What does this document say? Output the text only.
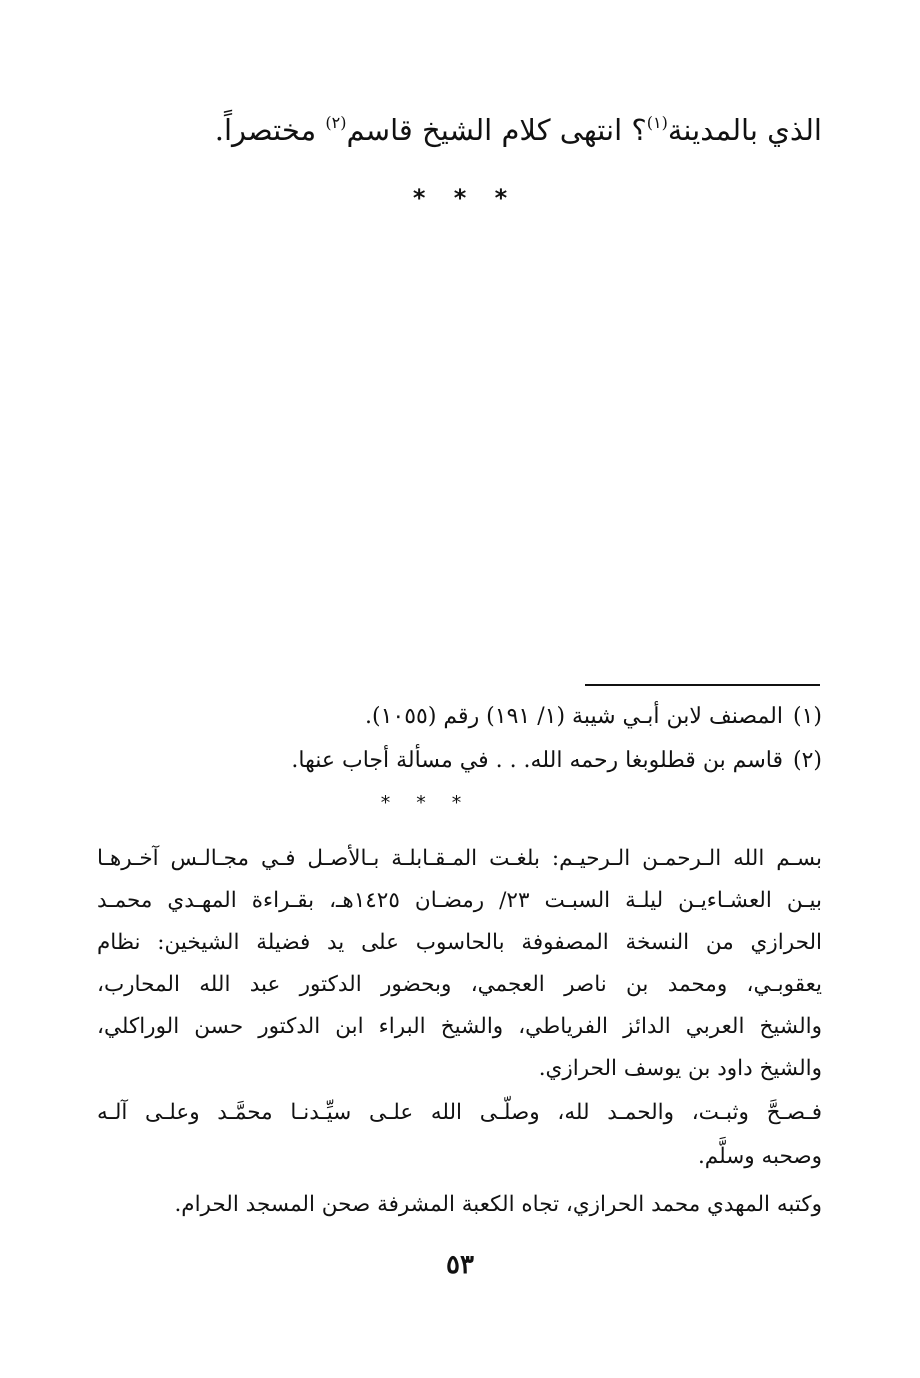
الذي بالمدينة$^{(١)}$؟ انتهى كلام الشيخ قاسم$^{(٢)}$ مختصراً.
* * *
(١)المصنف لابن أبـي شيبة (١/ ١٩١) رقم (١٠٥٥).
(٢)قاسم بن قطلوبغا رحمه الله. . . في مسألة أجاب عنها.
* * *
بسـم الله الـرحمـن الـرحيـم: بلغـت المـقـابلـة بـالأصـل فـي مجـالـس آخـرهـا
بيـن العشـاءيـن ليلـة السبـت ٢٣/ رمضـان ١٤٢٥هـ، بقـراءة المهـدي محمـد
الحرازي من النسخة المصفوفة بالحاسوب على يد فضيلة الشيخين: نظام
يعقوبـي، ومحمد بن ناصر العجمي، وبحضور الدكتور عبد الله المحارب،
والشيخ العربي الدائز الفرياطي، والشيخ البراء ابن الدكتور حسن الوراكلي،
والشيخ داود بن يوسف الحرازي.
فـصـحَّ وثبـت، والحمـد لله، وصلّـى الله علـى سيِّـدنـا محمَّـد وعلـى آلـه
وصحبه وسلَّم.
وكتبه المهدي محمد الحرازي، تجاه الكعبة المشرفة صحن المسجد الحرام.
٥٣
